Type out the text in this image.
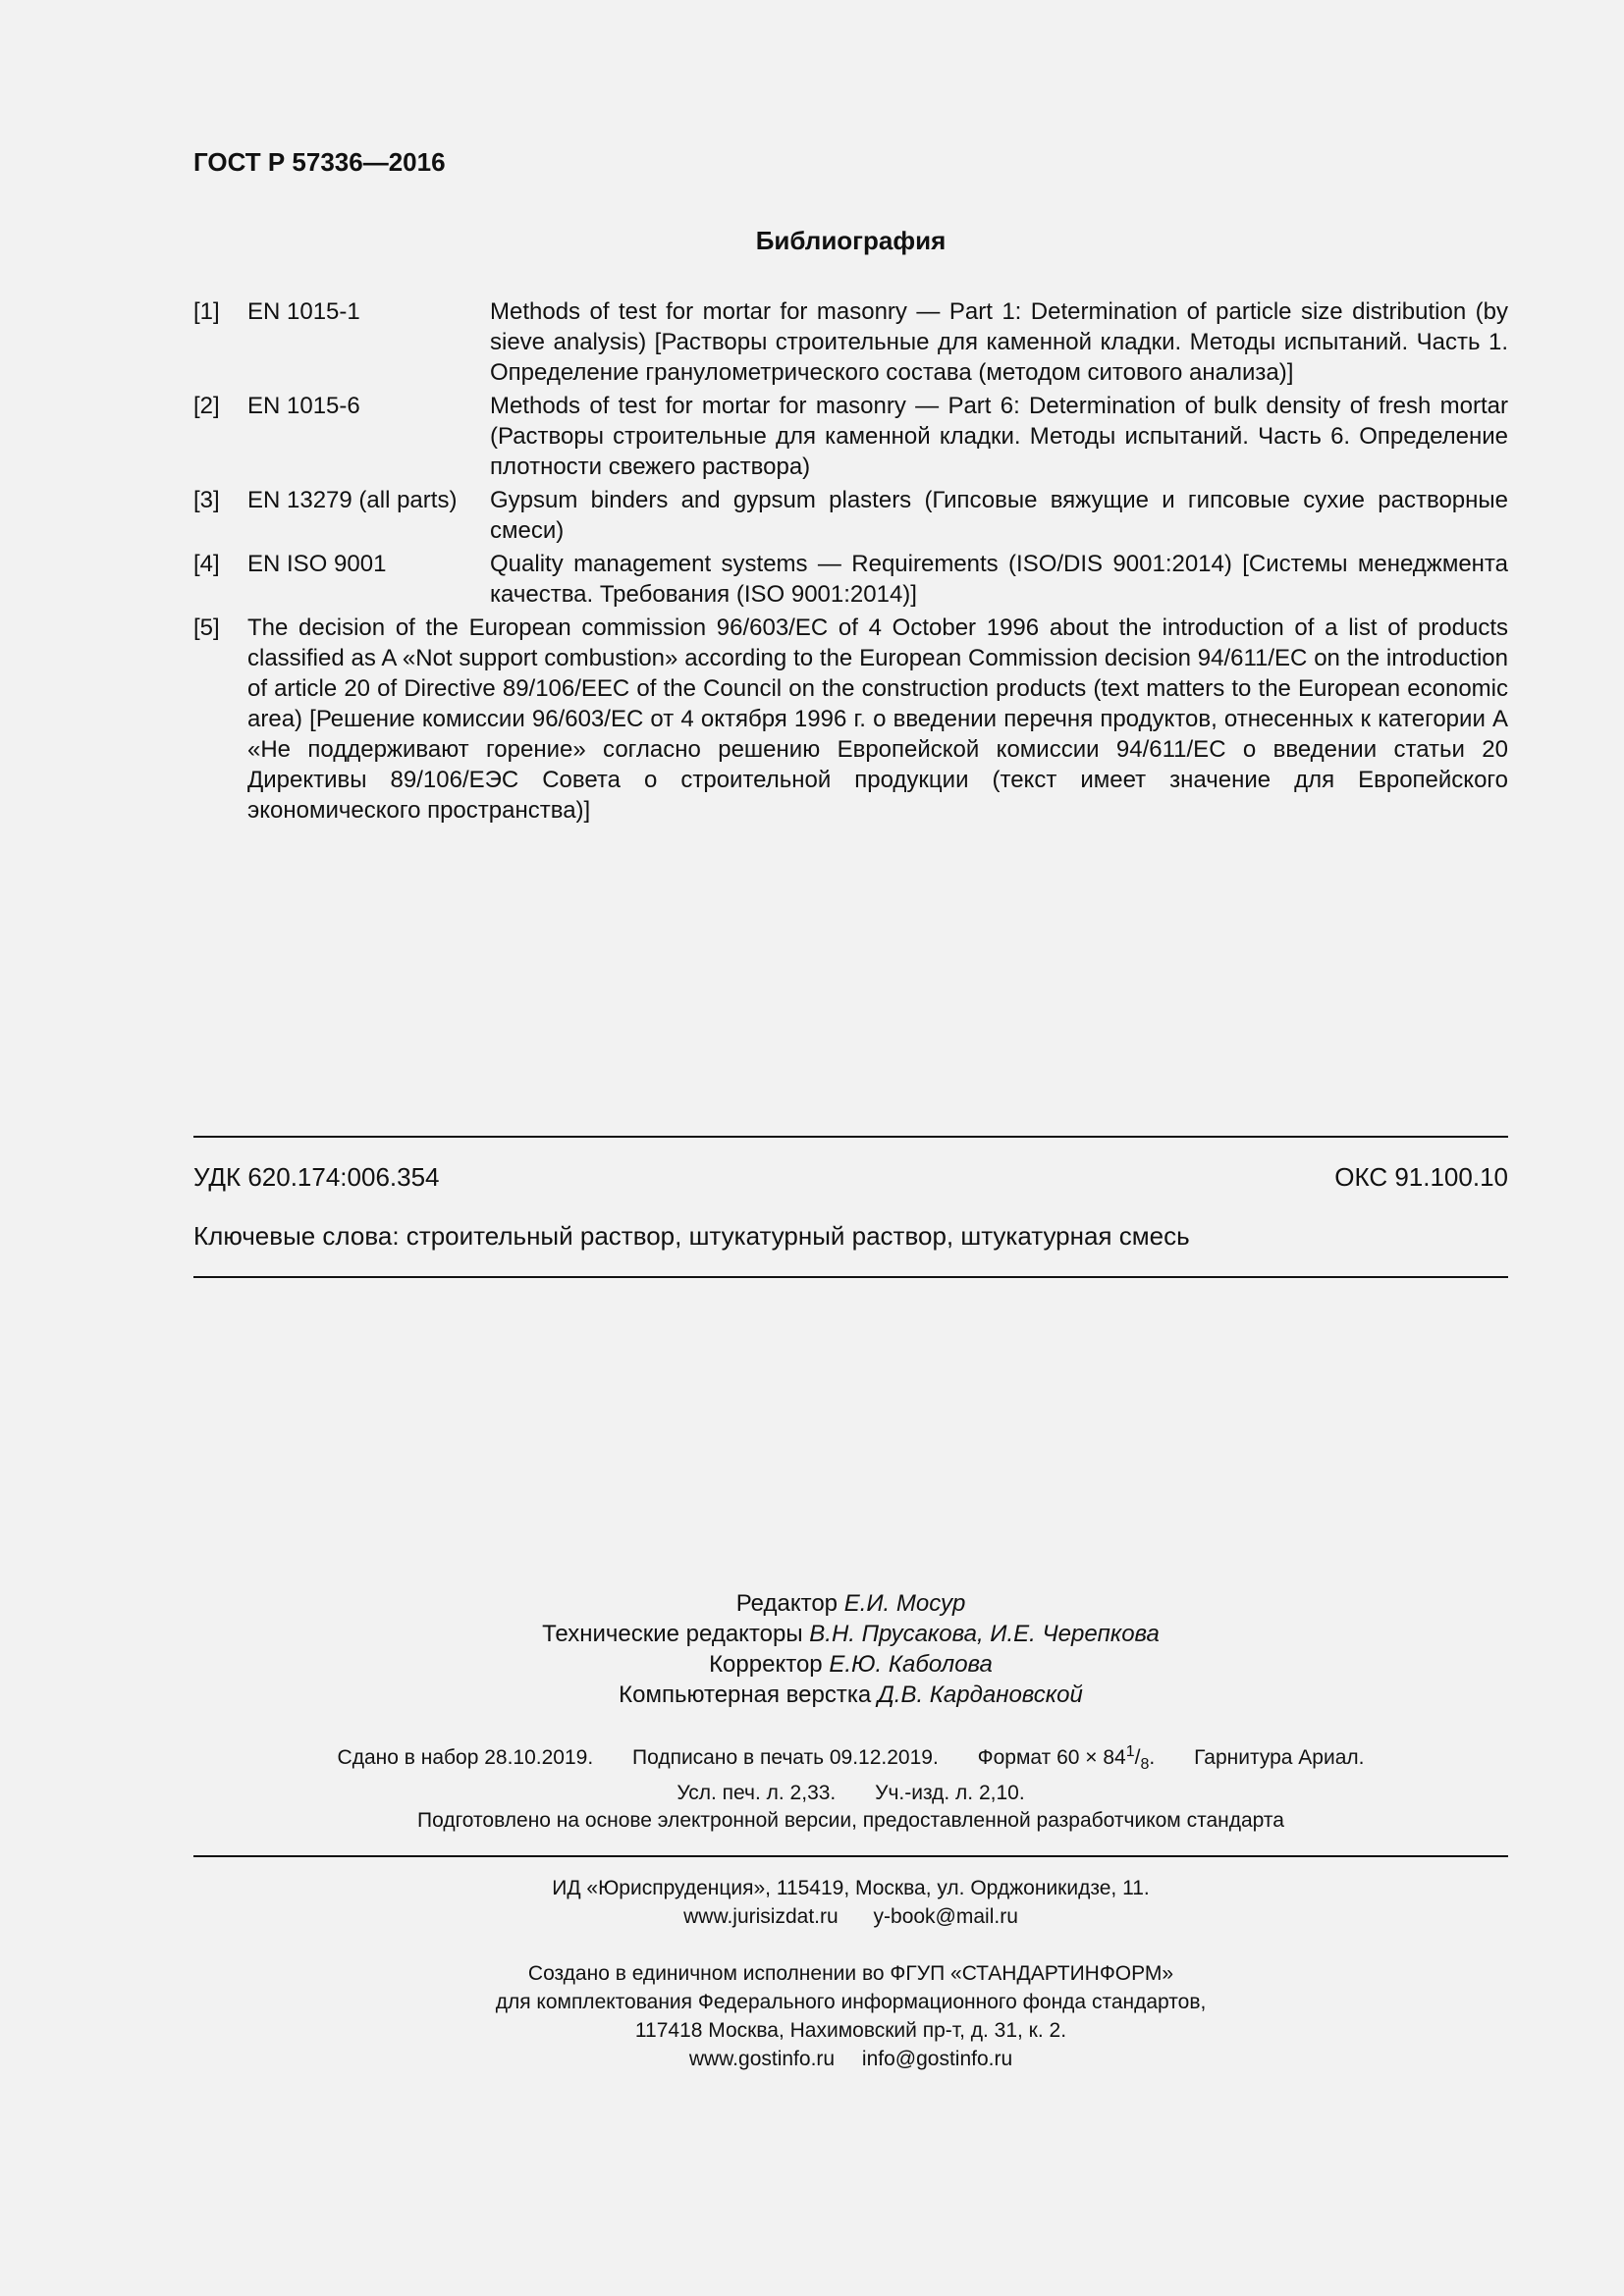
ГОСТ Р 57336—2016
Библиография
[1]	EN 1015-1	Methods of test for mortar for masonry — Part 1: Determination of particle size distribution (by sieve analysis) [Растворы строительные для каменной кладки. Методы испытаний. Часть 1. Определение гранулометрического состава (методом ситового анализа)]
[2]	EN 1015-6	Methods of test for mortar for masonry — Part 6: Determination of bulk density of fresh mortar (Растворы строительные для каменной кладки. Методы испытаний. Часть 6. Определение плотности свежего раствора)
[3]	EN 13279 (all parts)	Gypsum binders and gypsum plasters (Гипсовые вяжущие и гипсовые сухие растворные смеси)
[4]	EN ISO 9001	Quality management systems — Requirements (ISO/DIS 9001:2014) [Системы менеджмента качества. Требования (ISO 9001:2014)]
[5]	The decision of the European commission 96/603/EC of 4 October 1996 about the introduction of a list of products classified as A «Not support combustion» according to the European Commission decision 94/611/EC on the introduction of article 20 of Directive 89/106/EEC of the Council on the construction products (text matters to the European economic area) [Решение комиссии 96/603/ЕС от 4 октября 1996 г. о введении перечня продуктов, отнесенных к категории А «Не поддерживают горение» согласно решению Европейской комиссии 94/611/ЕС о введении статьи 20 Директивы 89/106/ЕЭС Совета о строительной продукции (текст имеет значение для Европейского экономического пространства)]
УДК 620.174:006.354	ОКС 91.100.10
Ключевые слова: строительный раствор, штукатурный раствор, штукатурная смесь
Редактор Е.И. Мосур
Технические редакторы В.Н. Прусакова, И.Е. Черепкова
Корректор Е.Ю. Каболова
Компьютерная верстка Д.В. Кардановской
Сдано в набор 28.10.2019. Подписано в печать 09.12.2019. Формат $60 \times 84^1/_8$. Гарнитура Ариал.
Усл. печ. л. 2,33. Уч.-изд. л. 2,10.
Подготовлено на основе электронной версии, предоставленной разработчиком стандарта
ИД «Юриспруденция», 115419, Москва, ул. Орджоникидзе, 11.
www.jurisizdat.ru y-book@mail.ru
Создано в единичном исполнении во ФГУП «СТАНДАРТИНФОРМ»
для комплектования Федерального информационного фонда стандартов,
117418 Москва, Нахимовский пр-т, д. 31, к. 2.
www.gostinfo.ru info@gostinfo.ru
